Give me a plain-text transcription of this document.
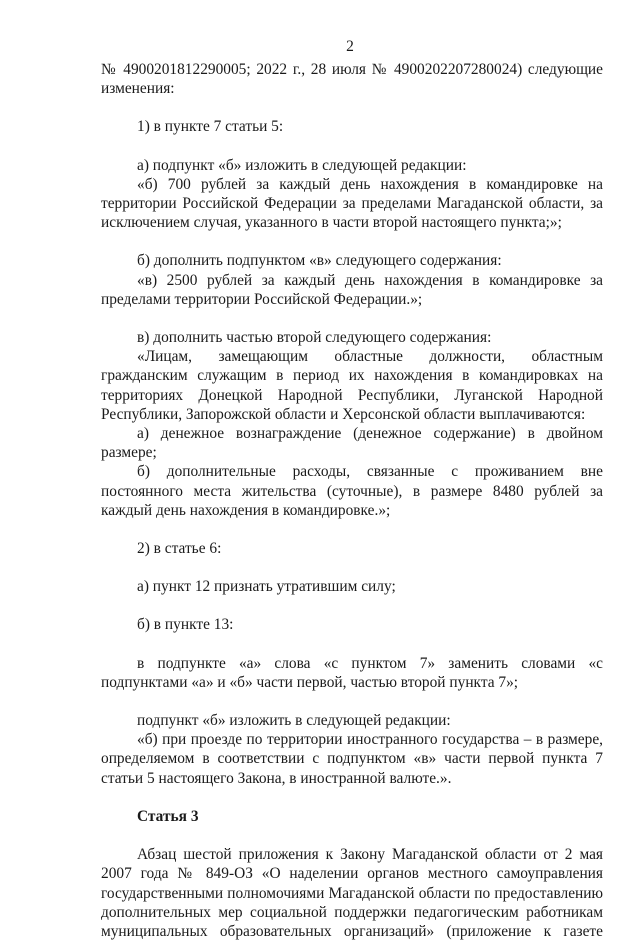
2

№ 4900201812290005; 2022 г., 28 июля № 4900202207280024) следующие изменения:

1) в пункте 7 статьи 5:

а) подпункт «б» изложить в следующей редакции:

«б) 700 рублей за каждый день нахождения в командировке на территории Российской Федерации за пределами Магаданской области, за исключением случая, указанного в части второй настоящего пункта;»;

б) дополнить подпунктом «в» следующего содержания:

«в) 2500 рублей за каждый день нахождения в командировке за пределами территории Российской Федерации.»;

в) дополнить частью второй следующего содержания:

«Лицам, замещающим областные должности, областным гражданским служащим в период их нахождения в командировках на территориях Донецкой Народной Республики, Луганской Народной Республики, Запорожской области и Херсонской области выплачиваются:

а) денежное вознаграждение (денежное содержание) в двойном размере;

б) дополнительные расходы, связанные с проживанием вне постоянного места жительства (суточные), в размере 8480 рублей за каждый день нахождения в командировке.»;

2) в статье 6:

а) пункт 12 признать утратившим силу;

б) в пункте 13:

в подпункте «а» слова «с пунктом 7» заменить словами «с подпунктами «а» и «б» части первой, частью второй пункта 7»;

подпункт «б» изложить в следующей редакции:

«б) при проезде по территории иностранного государства – в размере, определяемом в соответствии с подпунктом «в» части первой пункта 7 статьи 5 настоящего Закона, в иностранной валюте.».

Статья 3

Абзац шестой приложения к Закону Магаданской области от 2 мая 2007 года № 849-ОЗ «О наделении органов местного самоуправления государственными полномочиями Магаданской области по предоставлению дополнительных мер социальной поддержки педагогическим работникам муниципальных образовательных организаций» (приложение к газете
